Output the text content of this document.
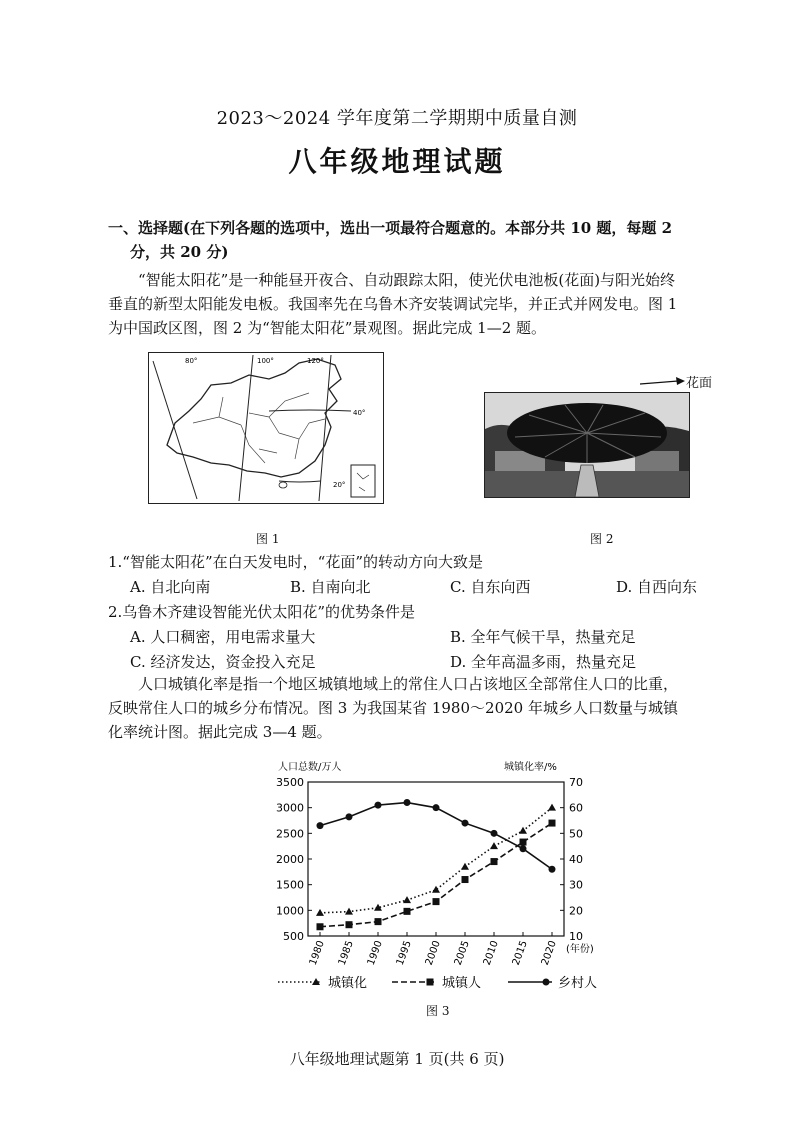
2023～2024 学年度第二学期期中质量自测
八年级地理试题
一、选择题(在下列各题的选项中，选出一项最符合题意的。本部分共 10 题，每题 2
分，共 20 分)
“智能太阳花”是一种能昼开夜合、自动跟踪太阳，使光伏电池板(花面)与阳光始终垂直的新型太阳能发电板。我国率先在乌鲁木齐安装调试完毕，并正式并网发电。图 1 为中国政区图，图 2 为“智能太阳花”景观图。据此完成 1—2 题。
80°	100°	120°
40°
20°
图 1
花面
图 2
1.“智能太阳花”在白天发电时，“花面”的转动方向大致是
A. 自北向南	B. 自南向北	C. 自东向西	D. 自西向东
2.乌鲁木齐建设智能光伏太阳花”的优势条件是
A. 人口稠密，用电需求量大	B. 全年气候干旱，热量充足
C. 经济发达，资金投入充足	D. 全年高温多雨，热量充足
人口城镇化率是指一个地区城镇地域上的常住人口占该地区全部常住人口的比重，反映常住人口的城乡分布情况。图 3 为我国某省 1980～2020 年城乡人口数量与城镇化率统计图。据此完成 3—4 题。
500
1000
1500
2000
2500
3000
3500
10
20
30
40
50
60
70
1980 1985 1990 1995 2000 2005 2010 2015 2020 (年份)
人口总数/万人	城镇化率/%
城镇化	城镇人	乡村人
图 3
八年级地理试题第 1 页(共 6 页)
